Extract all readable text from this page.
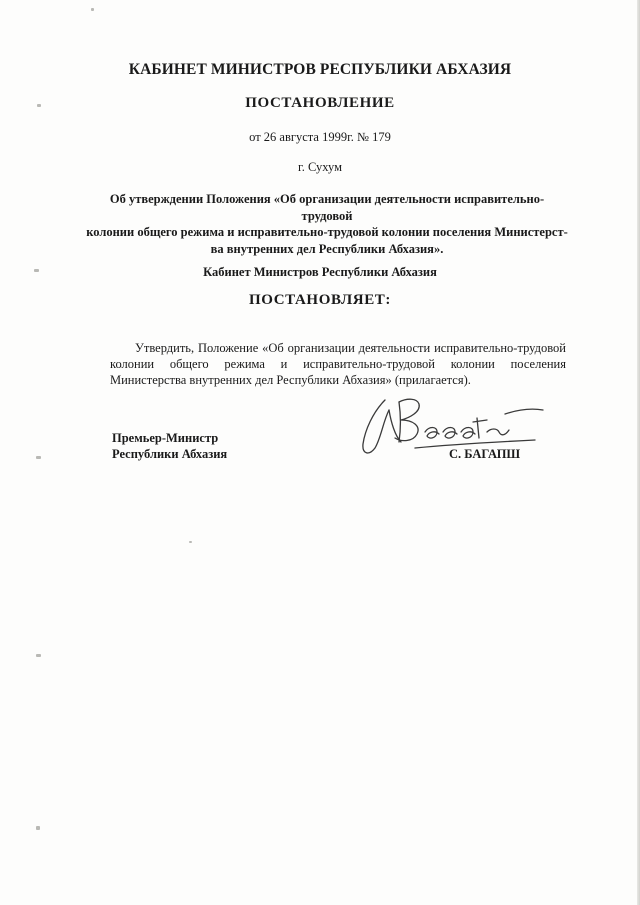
КАБИНЕТ МИНИСТРОВ РЕСПУБЛИКИ АБХАЗИЯ
ПОСТАНОВЛЕНИЕ
от 26 августа 1999г. № 179
г. Сухум
Об утверждении Положения «Об организации деятельности исправительно-трудовой
колонии общего режима и исправительно-трудовой колонии поселения Министерст-
ва внутренних дел Республики Абхазия».
Кабинет Министров Республики Абхазия
ПОСТАНОВЛЯЕТ:
Утвердить, Положение «Об организации деятельности исправительно-трудовой колонии общего режима и исправительно-трудовой колонии поселения Министерства внутренних дел Республики Абхазия» (прилагается).
Премьер-Министр
Республики Абхазия	С. БАГАПШ
